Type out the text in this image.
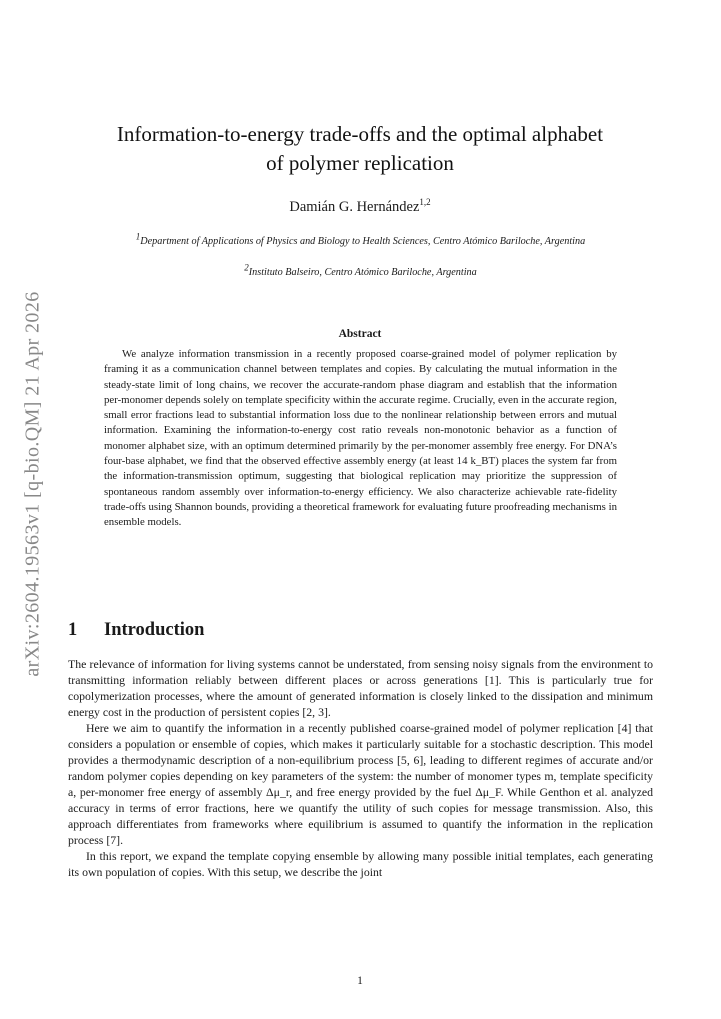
arXiv:2604.19563v1 [q-bio.QM] 21 Apr 2026
Information-to-energy trade-offs and the optimal alphabet
of polymer replication
Damián G. Hernández$^{1,2}$
$^1$Department of Applications of Physics and Biology to Health Sciences, Centro Atómico Bariloche, Argentina
$^2$Instituto Balseiro, Centro Atómico Bariloche, Argentina
Abstract

We analyze information transmission in a recently proposed coarse-grained model of polymer replication by framing it as a communication channel between templates and copies. By calculating the mutual information in the steady-state limit of long chains, we recover the accurate-random phase diagram and establish that the information per-monomer depends solely on template specificity within the accurate regime. Crucially, even in the accurate region, small error fractions lead to substantial information loss due to the nonlinear relationship between errors and mutual information. Examining the information-to-energy cost ratio reveals non-monotonic behavior as a function of monomer alphabet size, with an optimum determined primarily by the per-monomer assembly free energy. For DNA’s four-base alphabet, we find that the observed effective assembly energy (at least 14 k_BT) places the system far from the information-transmission optimum, suggesting that biological replication may prioritize the suppression of spontaneous random assembly over information-to-energy efficiency. We also characterize achievable rate-fidelity trade-offs using Shannon bounds, providing a theoretical framework for evaluating future proofreading mechanisms in ensemble models.

1 Introduction

The relevance of information for living systems cannot be understated, from sensing noisy signals from the environment to transmitting information reliably between different places or across generations [1]. This is particularly true for copolymerization processes, where the amount of generated information is closely linked to the dissipation and minimum energy cost in the production of persistent copies [2, 3].

Here we aim to quantify the information in a recently published coarse-grained model of polymer replication [4] that considers a population or ensemble of copies, which makes it particularly suitable for a stochastic description. This model provides a thermodynamic description of a non-equilibrium process [5, 6], leading to different regimes of accurate and/or random polymer copies depending on key parameters of the system: the number of monomer types m, template specificity a, per-monomer free energy of assembly Δμ_r, and free energy provided by the fuel Δμ_F. While Genthon et al. analyzed accuracy in terms of error fractions, here we quantify the utility of such copies for message transmission. Also, this approach differentiates from frameworks where equilibrium is assumed to quantify the information in the replication process [7].

In this report, we expand the template copying ensemble by allowing many possible initial templates, each generating its own population of copies. With this setup, we describe the joint

1
